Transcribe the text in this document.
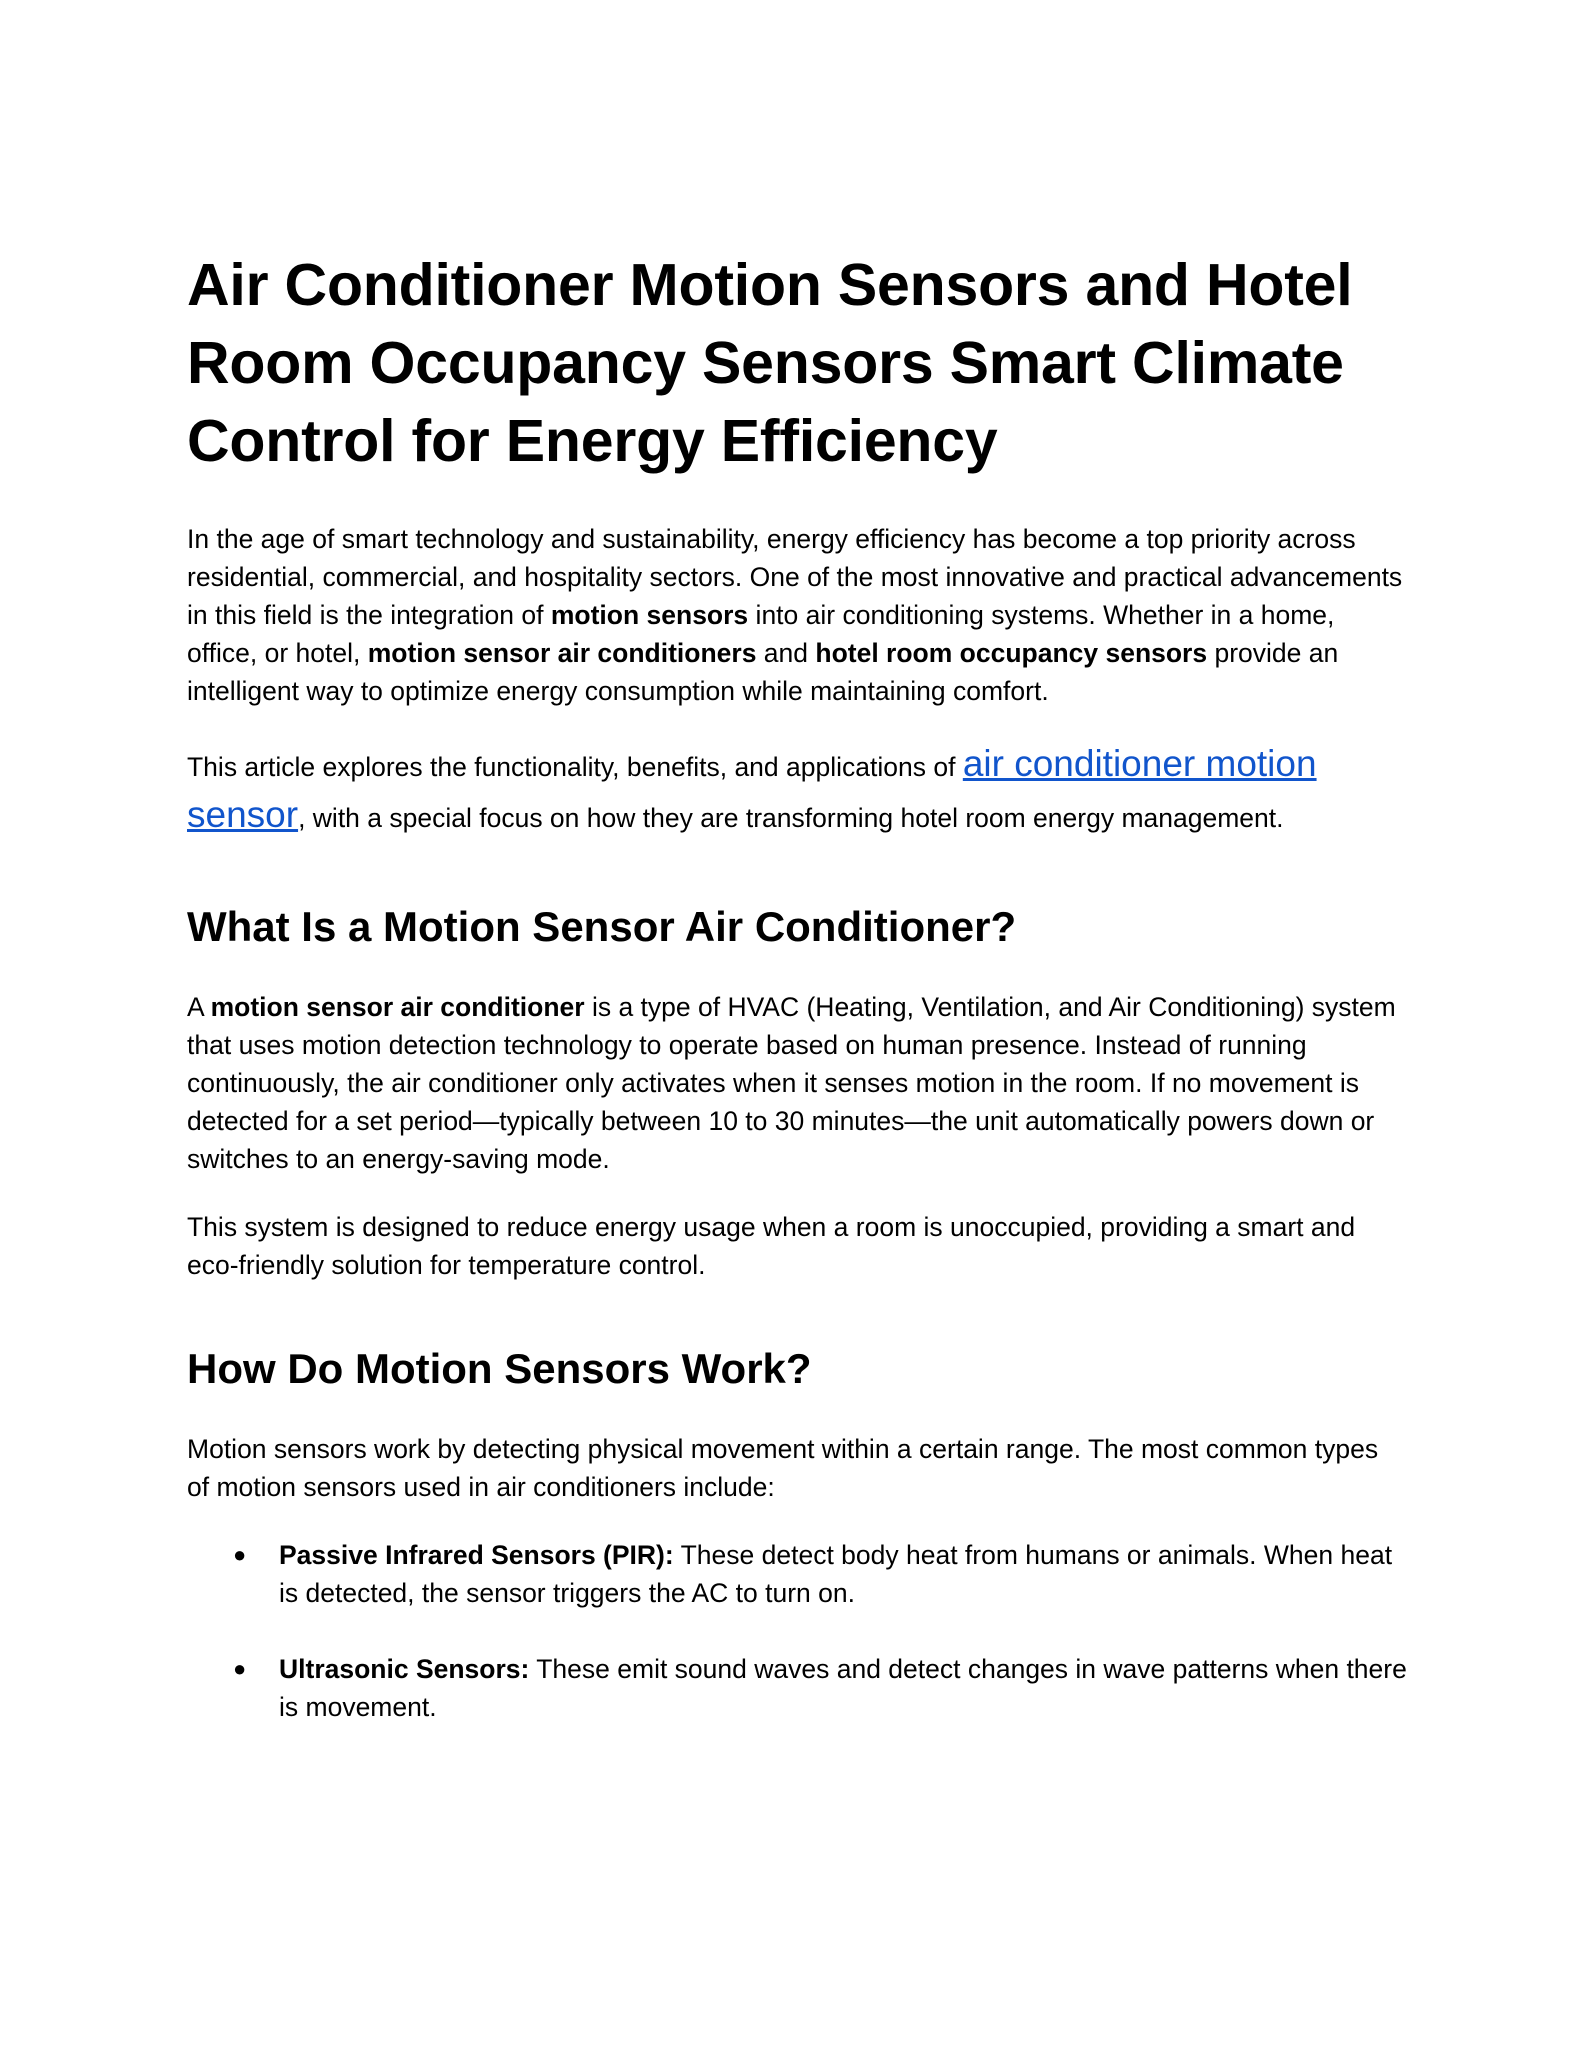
Air Conditioner Motion Sensors and Hotel Room Occupancy Sensors Smart Climate Control for Energy Efficiency

In the age of smart technology and sustainability, energy efficiency has become a top priority across residential, commercial, and hospitality sectors. One of the most innovative and practical advancements in this field is the integration of motion sensors into air conditioning systems. Whether in a home, office, or hotel, motion sensor air conditioners and hotel room occupancy sensors provide an intelligent way to optimize energy consumption while maintaining comfort.

This article explores the functionality, benefits, and applications of air conditioner motion sensor, with a special focus on how they are transforming hotel room energy management.

What Is a Motion Sensor Air Conditioner?

A motion sensor air conditioner is a type of HVAC (Heating, Ventilation, and Air Conditioning) system that uses motion detection technology to operate based on human presence. Instead of running continuously, the air conditioner only activates when it senses motion in the room. If no movement is detected for a set period—typically between 10 to 30 minutes—the unit automatically powers down or switches to an energy-saving mode.

This system is designed to reduce energy usage when a room is unoccupied, providing a smart and eco-friendly solution for temperature control.

How Do Motion Sensors Work?

Motion sensors work by detecting physical movement within a certain range. The most common types of motion sensors used in air conditioners include:

● Passive Infrared Sensors (PIR): These detect body heat from humans or animals. When heat is detected, the sensor triggers the AC to turn on.
● Ultrasonic Sensors: These emit sound waves and detect changes in wave patterns when there is movement.
